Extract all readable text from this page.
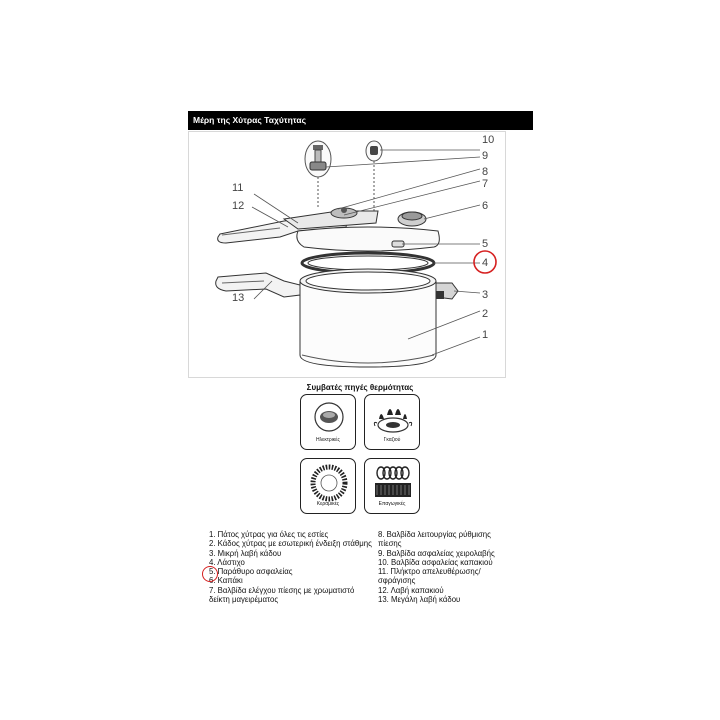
Μέρη της Χύτρας Ταχύτητας
10
9
8
7
6
5
4
3
2
1
11
12
13
Συμβατές πηγές θερμότητας
Ηλεκτρικές	Γκαζιού
Κεραμικές	Επαγωγικές
1. Πάτος χύτρας για όλες τις εστίες
2. Κάδος χύτρας με εσωτερική ένδειξη στάθμης
3. Μικρή λαβή κάδου
4. Λάστιχο
5. Παράθυρο ασφαλείας
6. Καπάκι
7. Βαλβίδα ελέγχου πίεσης με χρωματιστό δείκτη μαγειρέματος
8. Βαλβίδα λειτουργίας ρύθμισης πίεσης
9. Βαλβίδα ασφαλείας χειρολαβής
10. Βαλβίδα ασφαλείας καπακιού
11. Πλήκτρο απελευθέρωσης/σφράγισης
12. Λαβή καπακιού
13. Μεγάλη λαβή κάδου
